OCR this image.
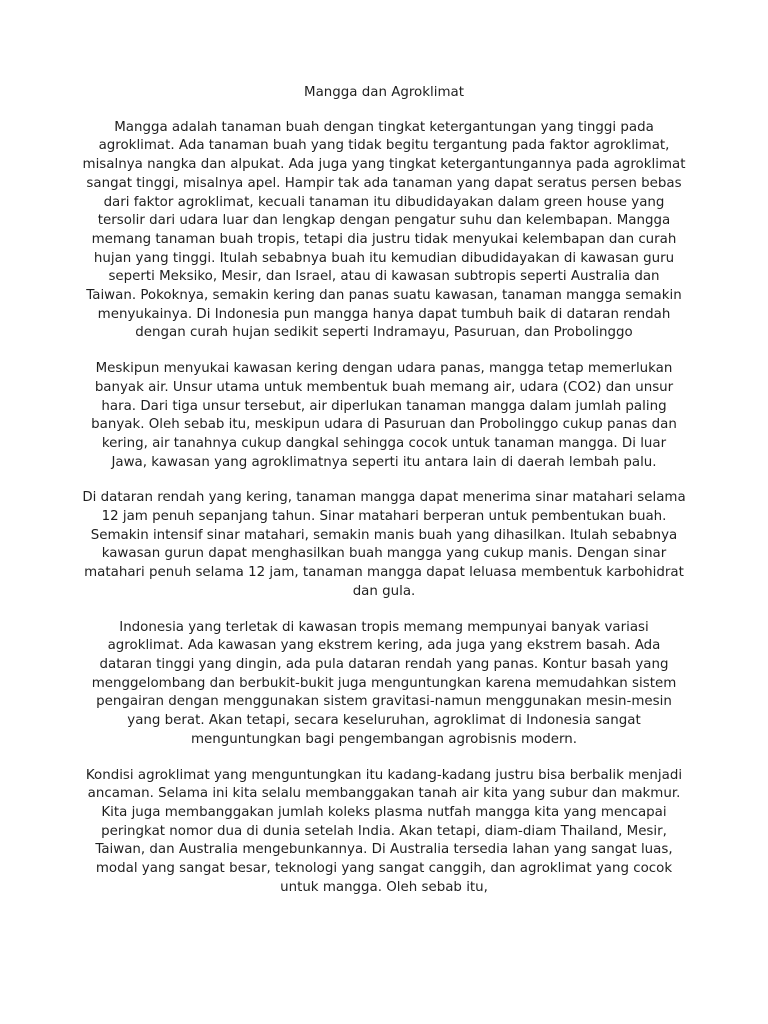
Mangga dan Agroklimat

Mangga adalah tanaman buah dengan tingkat ketergantungan yang tinggi pada agroklimat. Ada tanaman buah yang tidak begitu tergantung pada faktor agroklimat, misalnya nangka dan alpukat. Ada juga yang tingkat ketergantungannya pada agroklimat sangat tinggi, misalnya apel. Hampir tak ada tanaman yang dapat seratus persen bebas dari faktor agroklimat, kecuali tanaman itu dibudidayakan dalam green house yang tersolir dari udara luar dan lengkap dengan pengatur suhu dan kelembapan. Mangga memang tanaman buah tropis, tetapi dia justru tidak menyukai kelembapan dan curah hujan yang tinggi. Itulah sebabnya buah itu kemudian dibudidayakan di kawasan guru seperti Meksiko, Mesir, dan Israel, atau di kawasan subtropis seperti Australia dan Taiwan. Pokoknya, semakin kering dan panas suatu kawasan, tanaman mangga semakin menyukainya. Di Indonesia pun mangga hanya dapat tumbuh baik di dataran rendah dengan curah hujan sedikit seperti Indramayu, Pasuruan, dan Probolinggo

Meskipun menyukai kawasan kering dengan udara panas, mangga tetap memerlukan banyak air. Unsur utama untuk membentuk buah memang air, udara (CO2) dan unsur hara. Dari tiga unsur tersebut, air diperlukan tanaman mangga dalam jumlah paling banyak. Oleh sebab itu, meskipun udara di Pasuruan dan Probolinggo cukup panas dan kering, air tanahnya cukup dangkal sehingga cocok untuk tanaman mangga. Di luar Jawa, kawasan yang agroklimatnya seperti itu antara lain di daerah lembah palu.

Di dataran rendah yang kering, tanaman mangga dapat menerima sinar matahari selama 12 jam penuh sepanjang tahun. Sinar matahari berperan untuk pembentukan buah. Semakin intensif sinar matahari, semakin manis buah yang dihasilkan. Itulah sebabnya kawasan gurun dapat menghasilkan buah mangga yang cukup manis. Dengan sinar matahari penuh selama 12 jam, tanaman mangga dapat leluasa membentuk karbohidrat dan gula.

Indonesia yang terletak di kawasan tropis memang mempunyai banyak variasi agroklimat. Ada kawasan yang ekstrem kering, ada juga yang ekstrem basah. Ada dataran tinggi yang dingin, ada pula dataran rendah yang panas. Kontur basah yang menggelombang dan berbukit-bukit juga menguntungkan karena memudahkan sistem pengairan dengan menggunakan sistem gravitasi-namun menggunakan mesin-mesin yang berat. Akan tetapi, secara keseluruhan, agroklimat di Indonesia sangat menguntungkan bagi pengembangan agrobisnis modern.

Kondisi agroklimat yang menguntungkan itu kadang-kadang justru bisa berbalik menjadi ancaman. Selama ini kita selalu membanggakan tanah air kita yang subur dan makmur. Kita juga membanggakan jumlah koleks plasma nutfah mangga kita yang mencapai peringkat nomor dua di dunia setelah India. Akan tetapi, diam-diam Thailand, Mesir, Taiwan, dan Australia mengebunkannya. Di Australia tersedia lahan yang sangat luas, modal yang sangat besar, teknologi yang sangat canggih, dan agroklimat yang cocok untuk mangga. Oleh sebab itu,
